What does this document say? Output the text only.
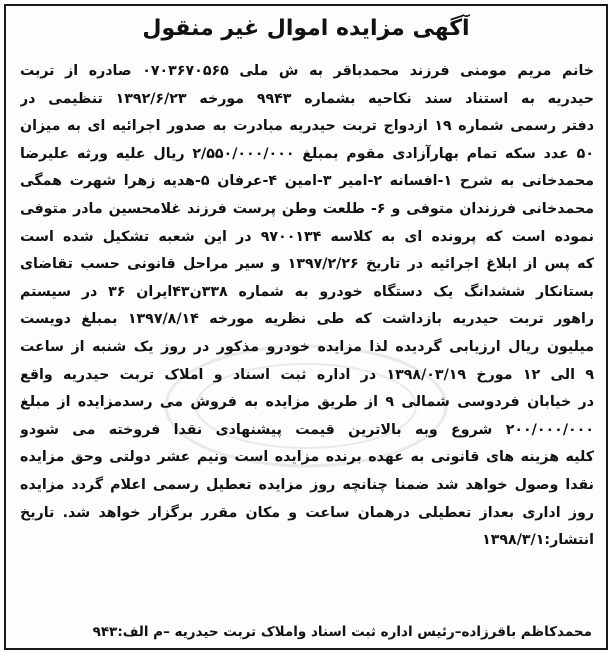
آگهی مزایده اموال غیر منقول
خانم مریم مومنی فرزند محمدباقر به ش ملی ۰۷۰۳۶۷۰۵۶۵ صادره از تربت
حیدریه به استناد سند نکاحیه بشماره ۹۹۴۳ مورخه ۱۳۹۲/۶/۲۳ تنظیمی در
دفتر رسمی شماره ۱۹ ازدواج تربت حیدریه مبادرت به صدور اجرائیه ای به میزان
۵۰ عدد سکه تمام بهارآزادی مقوم بمبلغ ۲/۵۵۰/۰۰۰/۰۰۰ ریال علیه ورثه علیرضا
محمدخانی به شرح ۱-افسانه ۲-امیر ۳-امین ۴-عرفان ۵-هدیه زهرا شهرت همگی
محمدخانی فرزندان متوفی و ۶- طلعت وطن پرست فرزند غلامحسین مادر متوفی
نموده است که پرونده ای به کلاسه ۹۷۰۰۱۳۴ در این شعبه تشکیل شده است
که پس از ابلاغ اجرائیه در تاریخ ۱۳۹۷/۲/۲۶ و سیر مراحل قانونی حسب تقاضای
بستانکار ششدانگ یک دستگاه خودرو به شماره ۳۳۸ن۴۳ایران ۳۶ در سیستم
راهور تربت حیدریه بازداشت که طی نظریه مورخه ۱۳۹۷/۸/۱۴ بمبلغ دویست
میلیون ریال ارزیابی گردیده لذا مزایده خودرو مذکور در روز یک شنبه از ساعت
۹ الی ۱۲ مورخ ۱۳۹۸/۰۳/۱۹ در اداره ثبت اسناد و املاک تربت حیدریه واقع
در خیابان فردوسی شمالی ۹ از طریق مزایده به فروش می رسدمزایده از مبلغ
۲۰۰/۰۰۰/۰۰۰ شروع وبه بالاترین قیمت پیشنهادی نقدا فروخته می شودو
کلیه هزینه های قانونی به عهده برنده مزایده است ونیم عشر دولتی وحق مزایده
نقدا وصول خواهد شد ضمنا چنانچه روز مزایده تعطیل رسمی اعلام گردد مزایده
روز اداری بعداز تعطیلی درهمان ساعت و مکان مقرر برگزار خواهد شد. تاریخ
انتشار:۱۳۹۸/۳/۱
محمدکاظم باقرزاده–رئیس اداره ثبت اسناد واملاک تربت حیدریه –م الف:۹۴۳
